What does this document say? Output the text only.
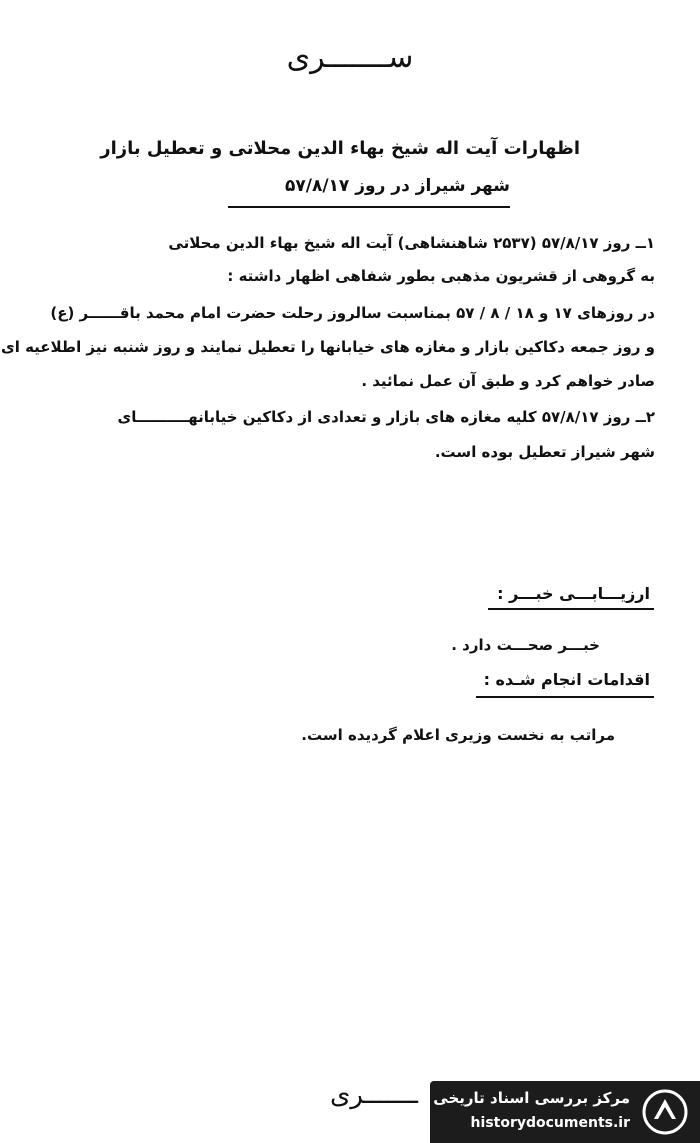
ســـــــری
اظهارات آیت اله شیخ بهاء الدین محلاتی و تعطیل بازار
شهر شیراز در روز ۵۷/۸/۱۷
۱ــ روز ۵۷/۸/۱۷ (۲۵۳۷ شاهنشاهی) آیت اله شیخ بهاء الدین محلاتی
به گروهی از قشریون مذهبی بطور شفاهی اظهار داشته :
در روزهای ۱۷ و ۱۸ / ۸ / ۵۷ بمناسبت سالروز رحلت حضرت امام محمد باقــــــر (ع)
و روز جمعه دکاکین بازار و مغازه های خیابانها را تعطیل نمایند و روز شنبه نیز اطلاعیه ای
صادر خواهم کرد و طبق آن عمل نمائید .
۲ــ روز ۵۷/۸/۱۷ کلیه مغازه های بازار و تعدادی از دکاکین خیابانهــــــــــای
شهر شیراز تعطیل بوده است.
ارزیـــابـــی خبـــر :
خبـــر صحـــت دارد .
اقدامات انجام شـده :
مراتب به نخست وزیری اعلام گردیده است.
ـــــــرى مرکز بررسی اسناد تاریخی
historydocuments.ir
